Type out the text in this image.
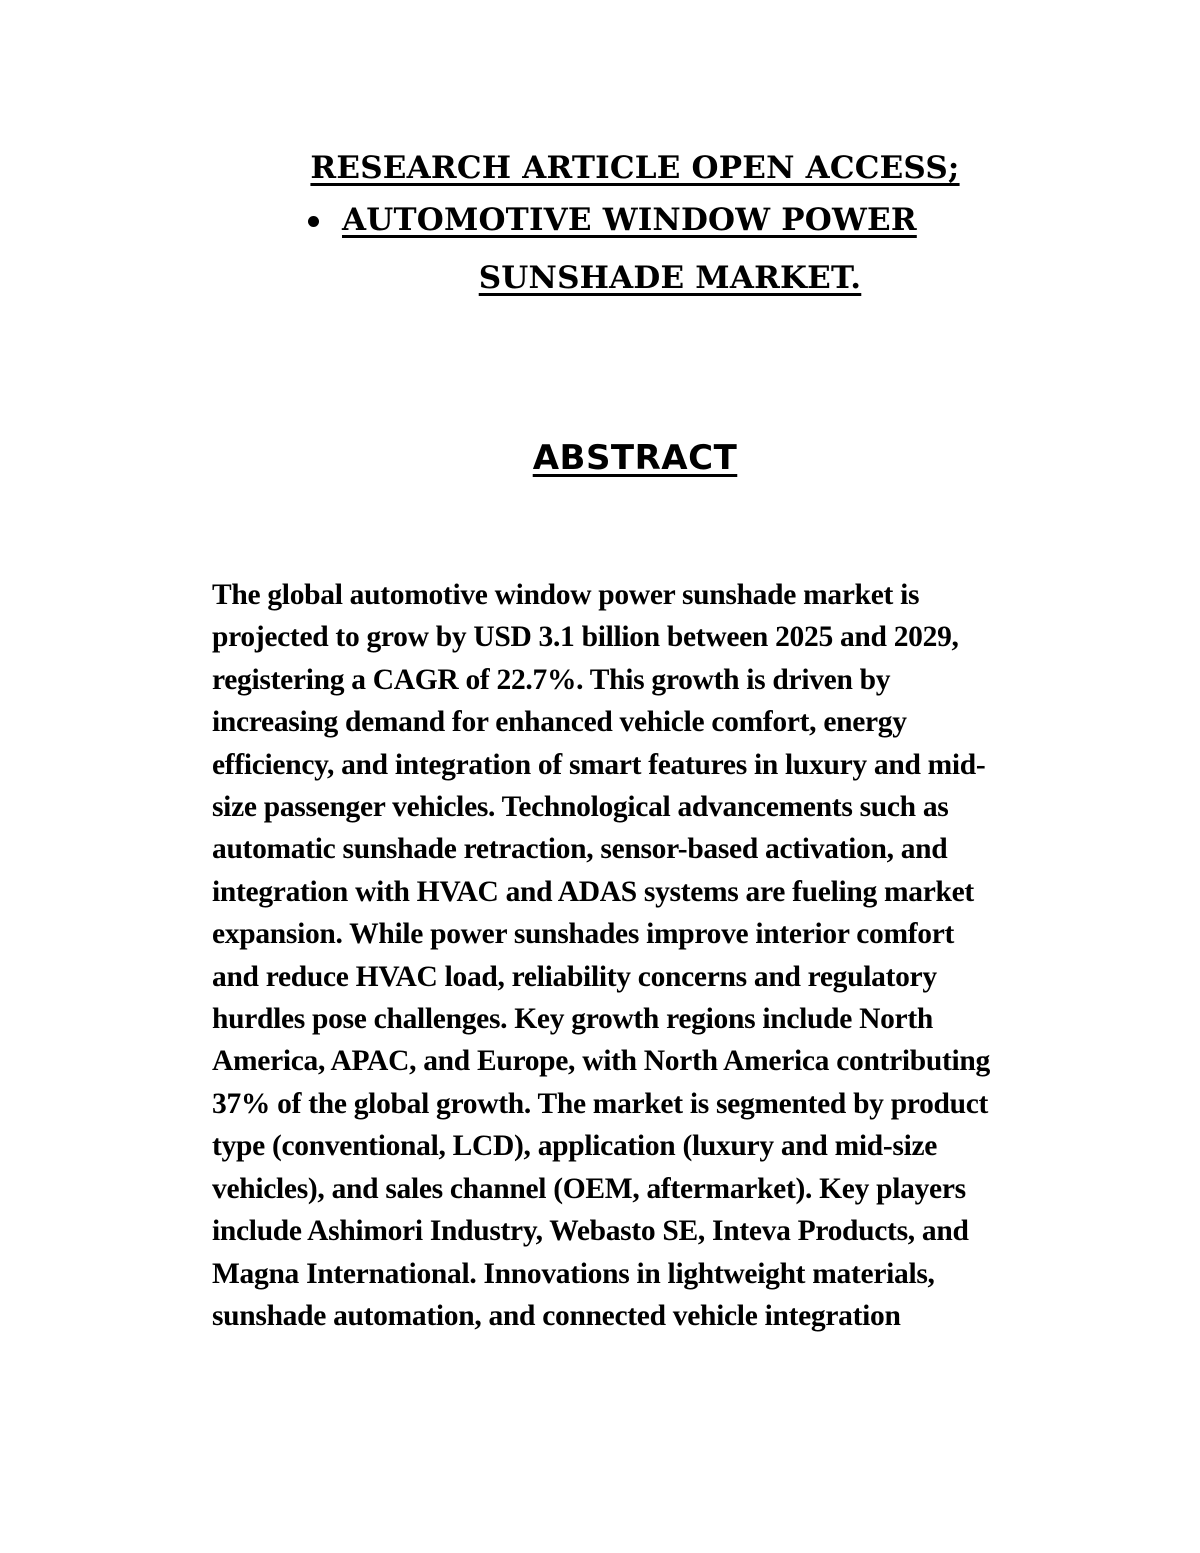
RESEARCH ARTICLE OPEN ACCESS;
AUTOMOTIVE WINDOW POWER
SUNSHADE MARKET.
ABSTRACT
The global automotive window power sunshade market is
projected to grow by USD 3.1 billion between 2025 and 2029,
registering a CAGR of 22.7%. This growth is driven by
increasing demand for enhanced vehicle comfort, energy
efficiency, and integration of smart features in luxury and mid-
size passenger vehicles. Technological advancements such as
automatic sunshade retraction, sensor-based activation, and
integration with HVAC and ADAS systems are fueling market
expansion. While power sunshades improve interior comfort
and reduce HVAC load, reliability concerns and regulatory
hurdles pose challenges. Key growth regions include North
America, APAC, and Europe, with North America contributing
37% of the global growth. The market is segmented by product
type (conventional, LCD), application (luxury and mid-size
vehicles), and sales channel (OEM, aftermarket). Key players
include Ashimori Industry, Webasto SE, Inteva Products, and
Magna International. Innovations in lightweight materials,
sunshade automation, and connected vehicle integration
